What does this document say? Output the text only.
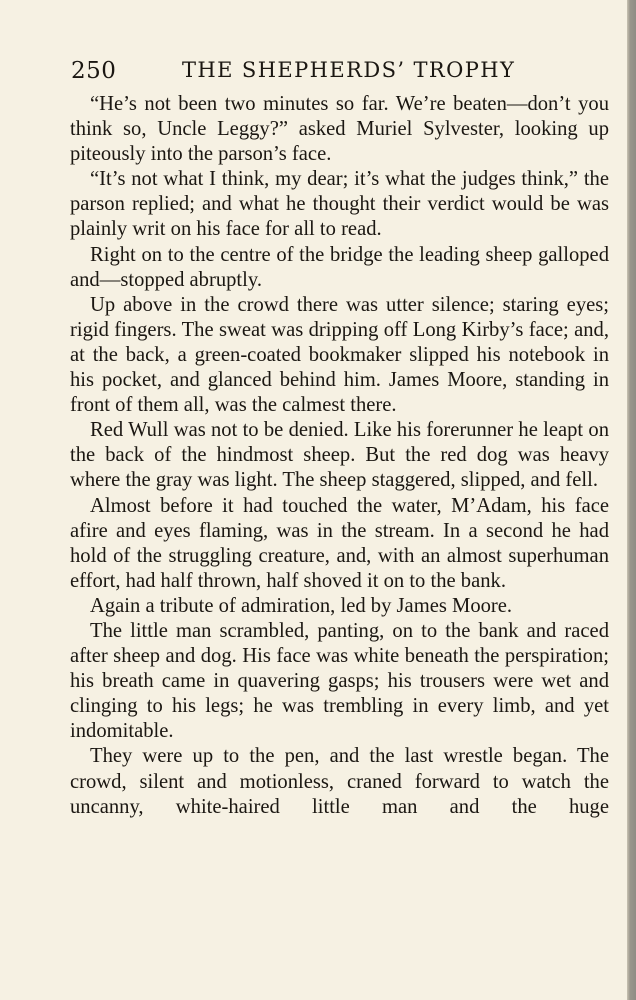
250	THE SHEPHERDS’ TROPHY

“He’s not been two minutes so far. We’re beaten—don’t you think so, Uncle Leggy?” asked Muriel Sylvester, looking up piteously into the parson’s face.

“It’s not what I think, my dear; it’s what the judges think,” the parson replied; and what he thought their verdict would be was plainly writ on his face for all to read.

Right on to the centre of the bridge the leading sheep galloped and—stopped abruptly.

Up above in the crowd there was utter silence; staring eyes; rigid fingers. The sweat was dripping off Long Kirby’s face; and, at the back, a green-coated bookmaker slipped his notebook in his pocket, and glanced behind him. James Moore, standing in front of them all, was the calmest there.

Red Wull was not to be denied. Like his forerunner he leapt on the back of the hindmost sheep. But the red dog was heavy where the gray was light. The sheep staggered, slipped, and fell.

Almost before it had touched the water, M’Adam, his face afire and eyes flaming, was in the stream. In a second he had hold of the struggling creature, and, with an almost superhuman effort, had half thrown, half shoved it on to the bank.

Again a tribute of admiration, led by James Moore.

The little man scrambled, panting, on to the bank and raced after sheep and dog. His face was white beneath the perspiration; his breath came in quavering gasps; his trousers were wet and clinging to his legs; he was trembling in every limb, and yet indomitable.

They were up to the pen, and the last wrestle began. The crowd, silent and motionless, craned forward to watch the uncanny, white-haired little man and the huge
